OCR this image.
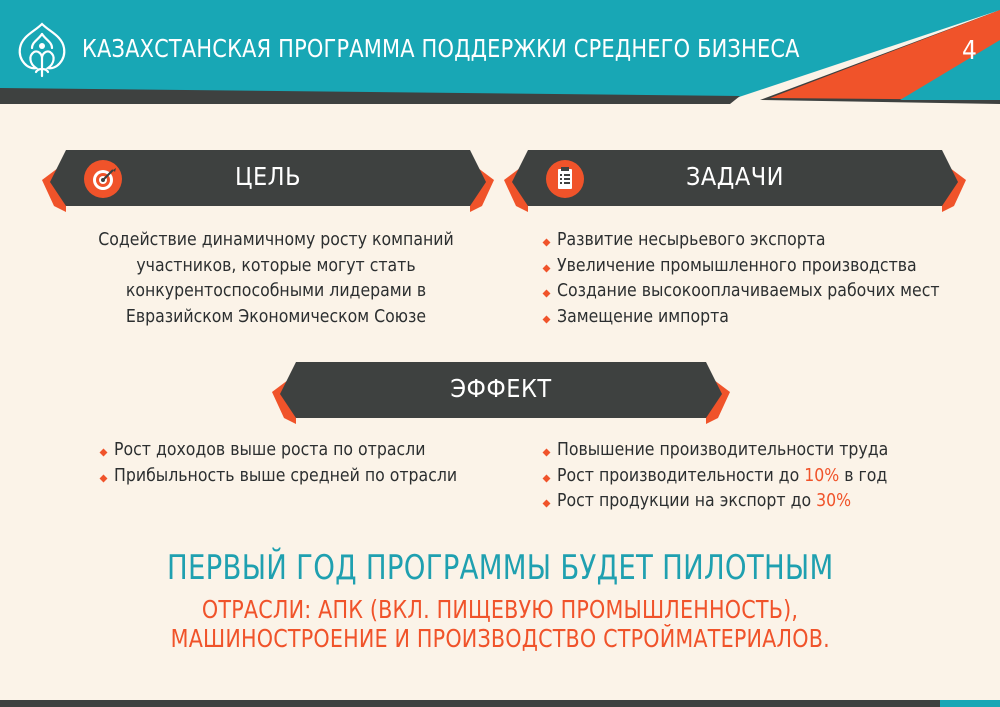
КАЗАХСТАНСКАЯ ПРОГРАММА ПОДДЕРЖКИ СРЕДНЕГО БИЗНЕСА	4
ЦЕЛЬ	ЗАДАЧИ
Содействие динамичному росту компаний
участников, которые могут стать
конкурентоспособными лидерами в
Евразийском Экономическом Союзе
Развитие несырьевого экспорта
Увеличение промышленного производства
Создание высокооплачиваемых рабочих мест
Замещение импорта
ЭФФЕКТ
Рост доходов выше роста по отрасли
Прибыльность выше средней по отрасли
Повышение производительности труда
Рост производительности до 10% в год
Рост продукции на экспорт до 30%
ПЕРВЫЙ ГОД ПРОГРАММЫ БУДЕТ ПИЛОТНЫМ
ОТРАСЛИ: АПК (ВКЛ. ПИЩЕВУЮ ПРОМЫШЛЕННОСТЬ),
МАШИНОСТРОЕНИЕ И ПРОИЗВОДСТВО СТРОЙМАТЕРИАЛОВ.
